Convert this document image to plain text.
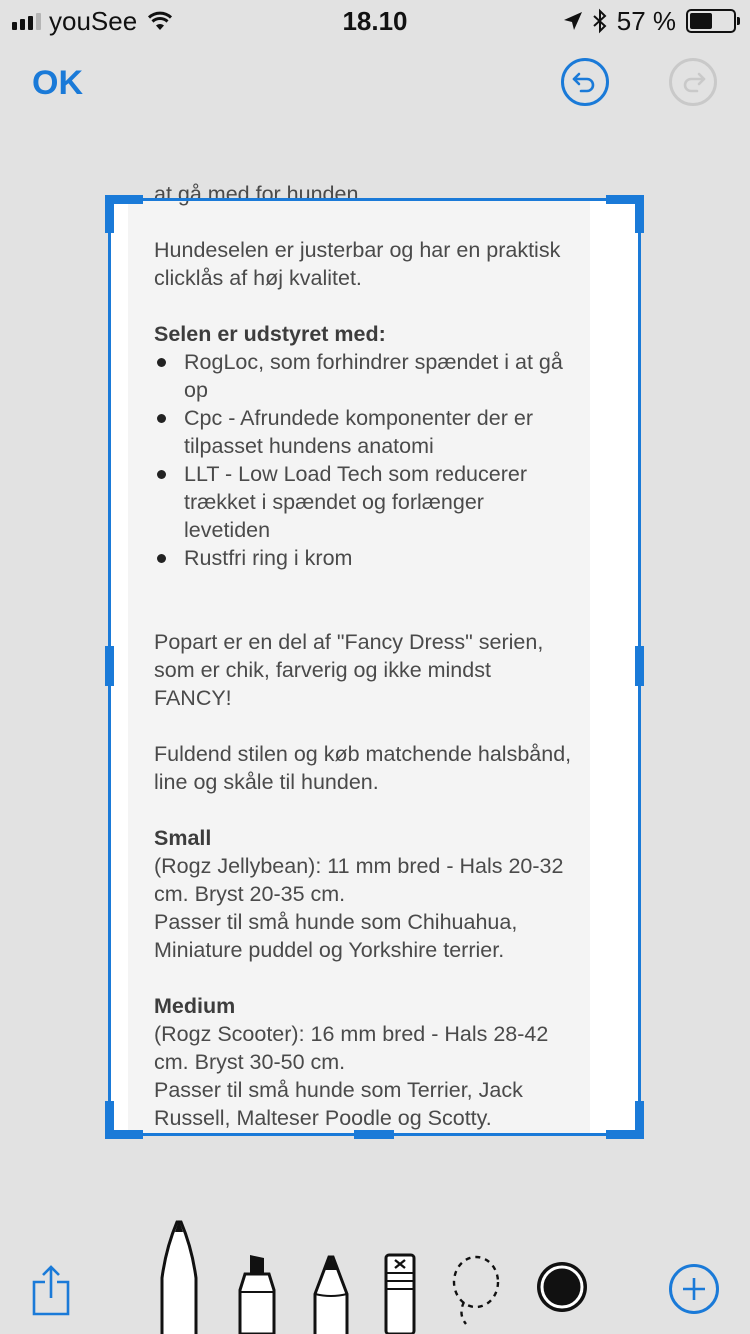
youSee	18.10	57 %
OK

at gå med for hunden.

Hundeselen er justerbar og har en praktisk clicklås af høj kvalitet.

Selen er udstyret med:

RogLoc, som forhindrer spændet i at gå op
Cpc - Afrundede komponenter der er tilpasset hundens anatomi
LLT - Low Load Tech som reducerer trækket i spændet og forlænger levetiden
Rustfri ring i krom

Popart er en del af "Fancy Dress" serien, som er chik, farverig og ikke mindst FANCY!

Fuldend stilen og køb matchende halsbånd, line og skåle til hunden.

Small

(Rogz Jellybean): 11 mm bred - Hals 20-32 cm. Bryst 20-35 cm.

Passer til små hunde som Chihuahua, Miniature puddel og Yorkshire terrier.

Medium

(Rogz Scooter): 16 mm bred - Hals 28-42 cm. Bryst 30-50 cm.

Passer til små hunde som Terrier, Jack Russell, Malteser Poodle og Scotty.
